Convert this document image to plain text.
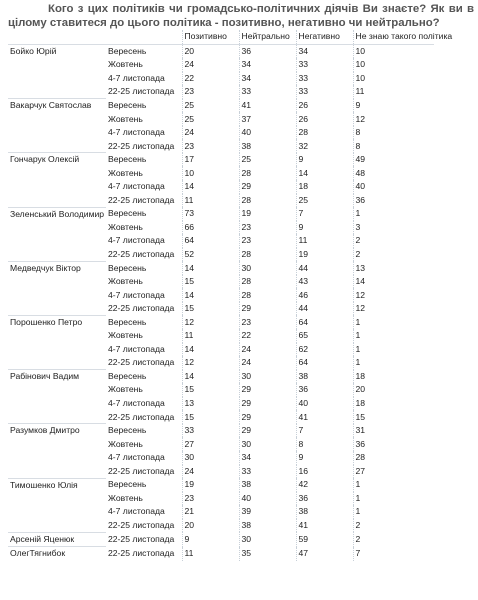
Кого з цих політиків чи громадсько-політичних діячів Ви знаєте? Як ви в цілому ставитеся до цього політика - позитивно, негативно чи нейтрально?
		Позитивно	Нейтрально	Негативно	Не знаю такого політика
Бойко Юрій	Вересень	20	36	34	10
	Жовтень	24	34	33	10
	4-7 листопада	22	34	33	10
	22-25 листопада	23	33	33	11
Вакарчук Святослав	Вересень	25	41	26	9
	Жовтень	25	37	26	12
	4-7 листопада	24	40	28	8
	22-25 листопада	23	38	32	8
Гончарук Олексій	Вересень	17	25	9	49
	Жовтень	10	28	14	48
	4-7 листопада	14	29	18	40
	22-25 листопада	11	28	25	36
Зеленський Володимир	Вересень	73	19	7	1
	Жовтень	66	23	9	3
	4-7 листопада	64	23	11	2
	22-25 листопада	52	28	19	2
Медведчук Віктор	Вересень	14	30	44	13
	Жовтень	15	28	43	14
	4-7 листопада	14	28	46	12
	22-25 листопада	15	29	44	12
Порошенко Петро	Вересень	12	23	64	1
	Жовтень	11	22	65	1
	4-7 листопада	14	24	62	1
	22-25 листопада	12	24	64	1
Рабінович Вадим	Вересень	14	30	38	18
	Жовтень	15	29	36	20
	4-7 листопада	13	29	40	18
	22-25 листопада	15	29	41	15
Разумков Дмитро	Вересень	33	29	7	31
	Жовтень	27	30	8	36
	4-7 листопада	30	34	9	28
	22-25 листопада	24	33	16	27
Тимошенко Юлія	Вересень	19	38	42	1
	Жовтень	23	40	36	1
	4-7 листопада	21	39	38	1
	22-25 листопада	20	38	41	2
Арсеній Яценюк	22-25 листопада	9	30	59	2
ОлегТягнибок	22-25 листопада	11	35	47	7
